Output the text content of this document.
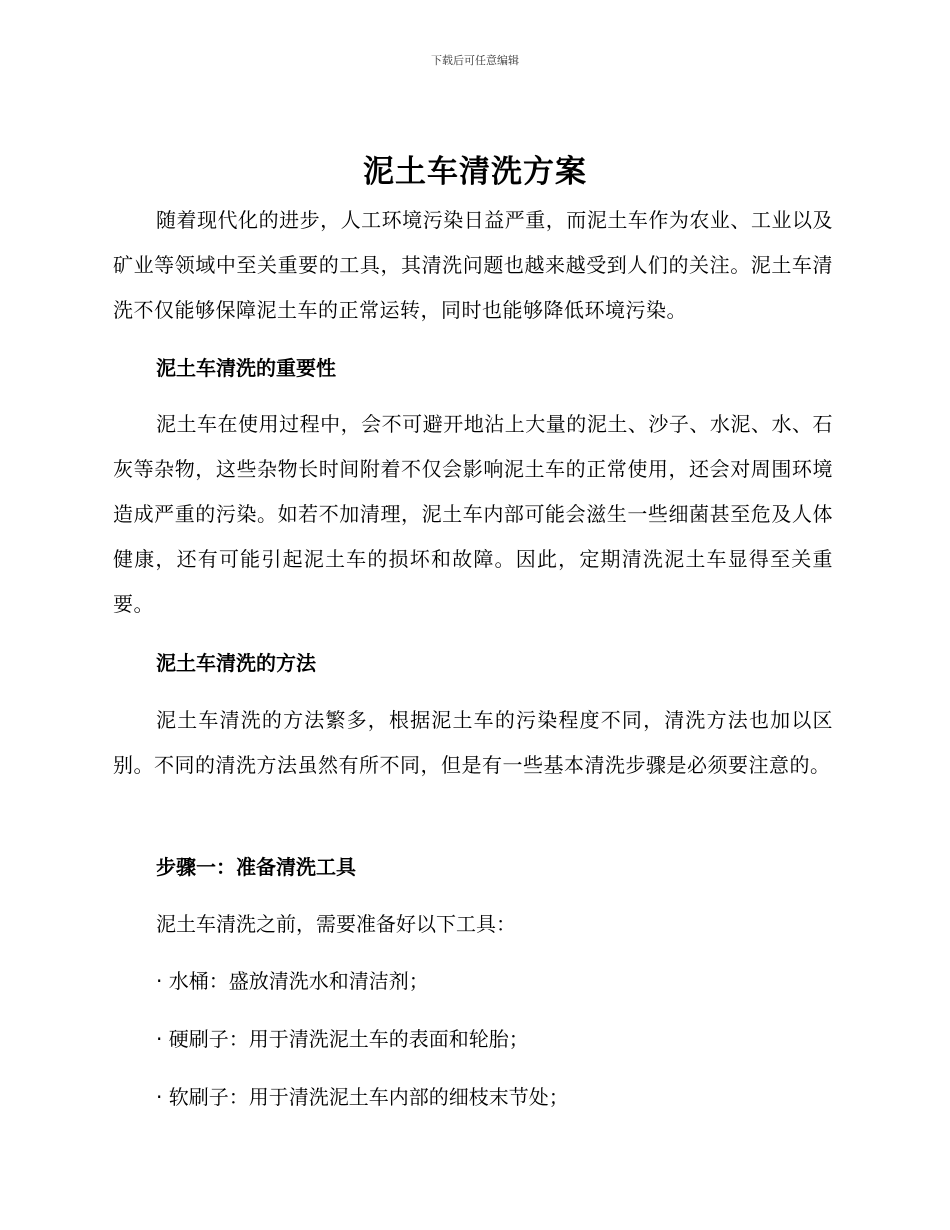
下载后可任意编辑
泥土车清洗方案

随着现代化的进步，人工环境污染日益严重，而泥土车作为农业、工业以及矿业等领域中至关重要的工具，其清洗问题也越来越受到人们的关注。泥土车清洗不仅能够保障泥土车的正常运转，同时也能够降低环境污染。

泥土车清洗的重要性

泥土车在使用过程中，会不可避开地沾上大量的泥土、沙子、水泥、水、石灰等杂物，这些杂物长时间附着不仅会影响泥土车的正常使用，还会对周围环境造成严重的污染。如若不加清理，泥土车内部可能会滋生一些细菌甚至危及人体健康，还有可能引起泥土车的损坏和故障。因此，定期清洗泥土车显得至关重要。

泥土车清洗的方法

泥土车清洗的方法繁多，根据泥土车的污染程度不同，清洗方法也加以区别。不同的清洗方法虽然有所不同，但是有一些基本清洗步骤是必须要注意的。

步骤一：准备清洗工具

泥土车清洗之前，需要准备好以下工具：

· 水桶：盛放清洗水和清洁剂；

· 硬刷子：用于清洗泥土车的表面和轮胎；

· 软刷子：用于清洗泥土车内部的细枝末节处；
